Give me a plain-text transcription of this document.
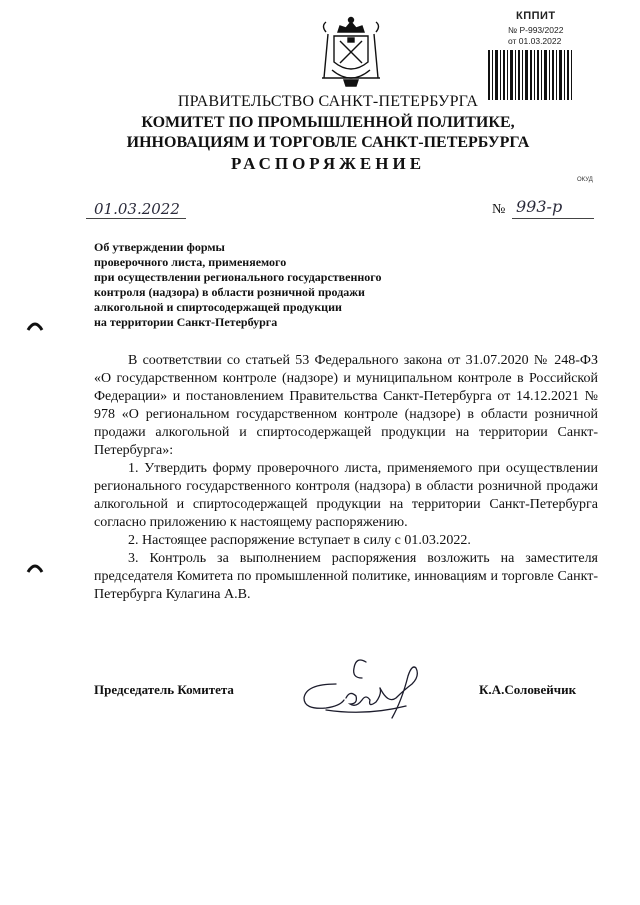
КППИТ
№ Р-993/2022
от 01.03.2022
ПРАВИТЕЛЬСТВО САНКТ-ПЕТЕРБУРГА
КОМИТЕТ ПО ПРОМЫШЛЕННОЙ ПОЛИТИКЕ,
ИННОВАЦИЯМ И ТОРГОВЛЕ САНКТ-ПЕТЕРБУРГА
РАСПОРЯЖЕНИЕ
ОКУД
01.03.2022	№ 993-р
Об утверждении формы
проверочного листа, применяемого
при осуществлении регионального государственного
контроля (надзора) в области розничной продажи
алкогольной и спиртосодержащей продукции
на территории Санкт-Петербурга

В соответствии со статьей 53 Федерального закона от 31.07.2020 № 248-ФЗ «О государственном контроле (надзоре) и муниципальном контроле в Российской Федерации» и постановлением Правительства Санкт-Петербурга от 14.12.2021 № 978 «О региональном государственном контроле (надзоре) в области розничной продажи алкогольной и спиртосодержащей продукции на территории Санкт-Петербурга»:

1. Утвердить форму проверочного листа, применяемого при осуществлении регионального государственного контроля (надзора) в области розничной продажи алкогольной и спиртосодержащей продукции на территории Санкт-Петербурга согласно приложению к настоящему распоряжению.

2. Настоящее распоряжение вступает в силу с 01.03.2022.

3. Контроль за выполнением распоряжения возложить на заместителя председателя Комитета по промышленной политике, инновациям и торговле Санкт-Петербурга Кулагина А.В.

Председатель Комитета	К.А.Соловейчик
